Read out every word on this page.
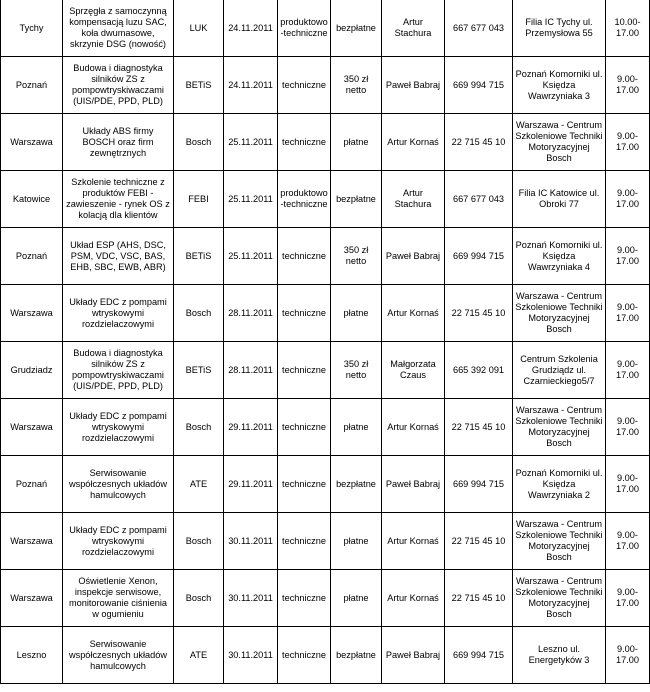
Tychy	Sprzęgła z samoczynną kompensacją luzu SAC, koła dwumasowe, skrzynie DSG (nowość)	LUK	24.11.2011	produktowo-techniczne	bezpłatne	Artur Stachura	667 677 043	Filia IC Tychy ul. Przemysłowa 55	10.00-17.00
Poznań	Budowa i diagnostyka silników ZS z pompowtryskiwaczami (UIS/PDE, PPD, PLD)	BETiS	24.11.2011	techniczne	350 zł netto	Paweł Babraj	669 994 715	Poznań Komorniki ul. Księdza Wawrzyniaka 3	9.00-17.00
Warszawa	Układy ABS firmy BOSCH oraz firm zewnętrznych	Bosch	25.11.2011	techniczne	płatne	Artur Kornaś	22 715 45 10	Warszawa - Centrum Szkoleniowe Techniki Motoryzacyjnej Bosch	9.00-17.00
Katowice	Szkolenie techniczne z produktów FEBI - zawieszenie - rynek OS z kolacją dla klientów	FEBI	25.11.2011	produktowo-techniczne	bezpłatne	Artur Stachura	667 677 043	Filia IC Katowice ul. Obroki 77	9.00-17.00
Poznań	Układ ESP (AHS, DSC, PSM, VDC, VSC, BAS, EHB, SBC, EWB, ABR)	BETiS	25.11.2011	techniczne	350 zł netto	Paweł Babraj	669 994 715	Poznań Komorniki ul. Księdza Wawrzyniaka 4	9.00-17.00
Warszawa	Układy EDC z pompami wtryskowymi rozdzielaczowymi	Bosch	28.11.2011	techniczne	płatne	Artur Kornaś	22 715 45 10	Warszawa - Centrum Szkoleniowe Techniki Motoryzacyjnej Bosch	9.00-17.00
Grudziadz	Budowa i diagnostyka silników ZS z pompowtryskiwaczami (UIS/PDE, PPD, PLD)	BETiS	28.11.2011	techniczne	350 zł netto	Małgorzata Czaus	665 392 091	Centrum Szkolenia Grudziądz ul. Czarnieckiego5/7	9.00-17.00
Warszawa	Układy EDC z pompami wtryskowymi rozdzielaczowymi	Bosch	29.11.2011	techniczne	płatne	Artur Kornaś	22 715 45 10	Warszawa - Centrum Szkoleniowe Techniki Motoryzacyjnej Bosch	9.00-17.00
Poznań	Serwisowanie współczesnych układów hamulcowych	ATE	29.11.2011	techniczne	bezpłatne	Paweł Babraj	669 994 715	Poznań Komorniki ul. Księdza Wawrzyniaka 2	9.00-17.00
Warszawa	Układy EDC z pompami wtryskowymi rozdzielaczowymi	Bosch	30.11.2011	techniczne	płatne	Artur Kornaś	22 715 45 10	Warszawa - Centrum Szkoleniowe Techniki Motoryzacyjnej Bosch	9.00-17.00
Warszawa	Oświetlenie Xenon, inspekcje serwisowe, monitorowanie ciśnienia w ogumieniu	Bosch	30.11.2011	techniczne	płatne	Artur Kornaś	22 715 45 10	Warszawa - Centrum Szkoleniowe Techniki Motoryzacyjnej Bosch	9.00-17.00
Leszno	Serwisowanie współczesnych układów hamulcowych	ATE	30.11.2011	techniczne	bezpłatne	Paweł Babraj	669 994 715	Leszno ul. Energetyków 3	9.00-17.00
